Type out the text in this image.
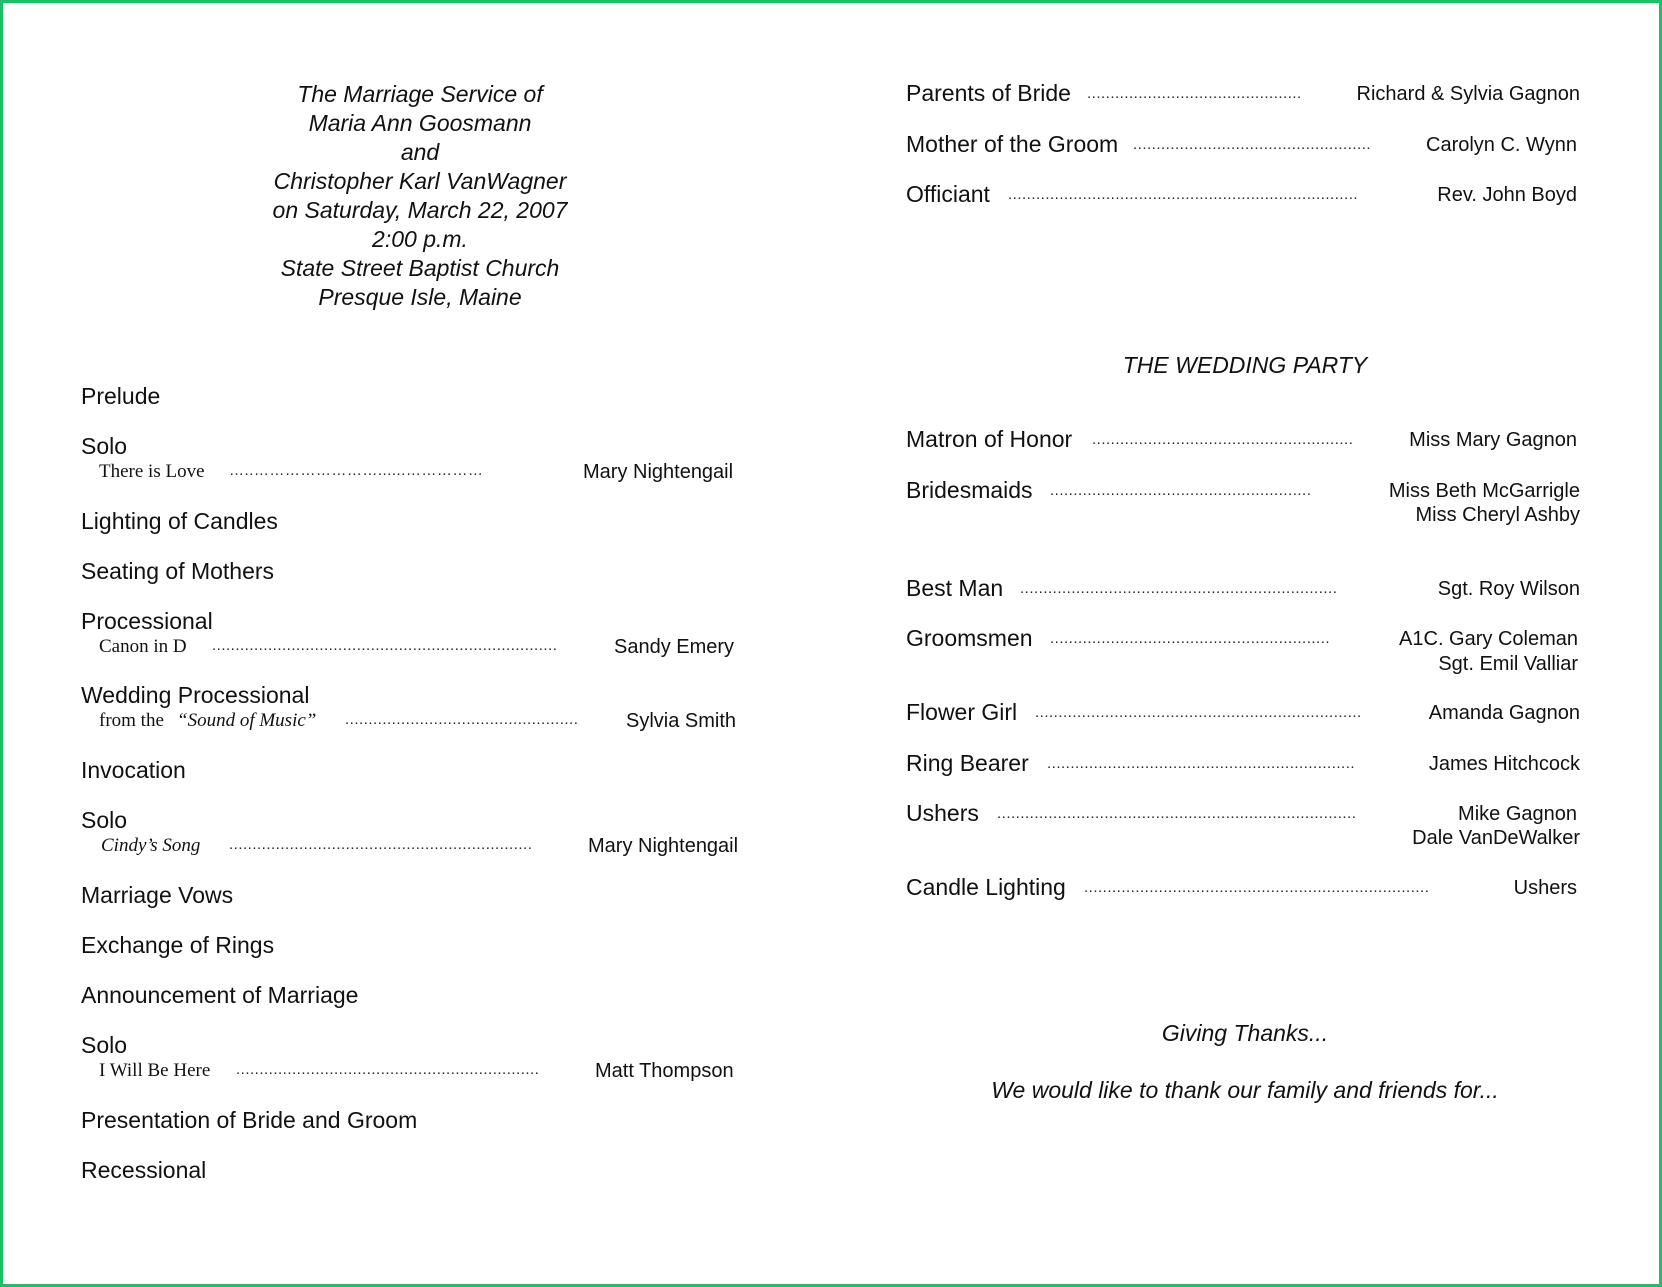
The Marriage Service of
Maria Ann Goosmann
and
Christopher Karl VanWagner
on Saturday, March 22, 2007
2:00 p.m.
State Street Baptist Church
Presque Isle, Maine
Prelude
Solo
There is Love …..……………………......……………	Mary Nightengail
Lighting of Candles
Seating of Mothers
Processional
Canon in D ..........................................................................	Sandy Emery
Wedding Processional
from the “Sound of Music” ..................................................	Sylvia Smith
Invocation
Solo
Cindy’s Song .................................................................	Mary Nightengail
Marriage Vows
Exchange of Rings
Announcement of Marriage
Solo
I Will Be Here .................................................................	Matt Thompson
Presentation of Bride and Groom
Recessional
Parents of Bride ..............................................	Richard & Sylvia Gagnon
Mother of the Groom ...................................................	Carolyn C. Wynn
Officiant ...........................................................................	Rev. John Boyd
THE WEDDING PARTY
Matron of Honor ........................................................	Miss Mary Gagnon
Bridesmaids ........................................................	Miss Beth McGarrigle
Miss Cheryl Ashby
Best Man ....................................................................	Sgt. Roy Wilson
Groomsmen ............................................................	A1C. Gary Coleman
Sgt. Emil Valliar
Flower Girl ......................................................................	Amanda Gagnon
Ring Bearer ..................................................................	James Hitchcock
Ushers .............................................................................	Mike Gagnon
Dale VanDeWalker
Candle Lighting ..........................................................................	Ushers
Giving Thanks...
We would like to thank our family and friends for...
